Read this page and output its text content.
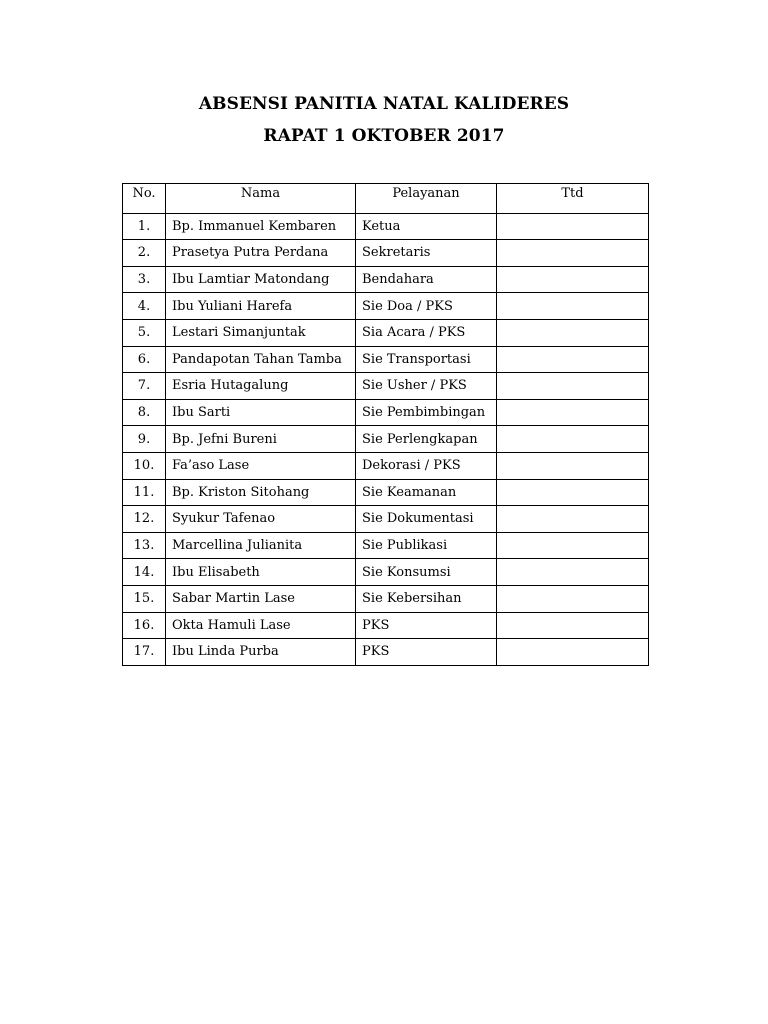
ABSENSI PANITIA NATAL KALIDERES
RAPAT 1 OKTOBER 2017
No.	Nama	Pelayanan	Ttd
1.	Bp. Immanuel Kembaren	Ketua	
2.	Prasetya Putra Perdana	Sekretaris	
3.	Ibu Lamtiar Matondang	Bendahara	
4.	Ibu Yuliani Harefa	Sie Doa / PKS	
5.	Lestari Simanjuntak	Sia Acara / PKS	
6.	Pandapotan Tahan Tamba	Sie Transportasi	
7.	Esria Hutagalung	Sie Usher / PKS	
8.	Ibu Sarti	Sie Pembimbingan	
9.	Bp. Jefni Bureni	Sie Perlengkapan	
10.	Fa’aso Lase	Dekorasi / PKS	
11.	Bp. Kriston Sitohang	Sie Keamanan	
12.	Syukur Tafenao	Sie Dokumentasi	
13.	Marcellina Julianita	Sie Publikasi	
14.	Ibu Elisabeth	Sie Konsumsi	
15.	Sabar Martin Lase	Sie Kebersihan	
16.	Okta Hamuli Lase	PKS	
17.	Ibu Linda Purba	PKS	
